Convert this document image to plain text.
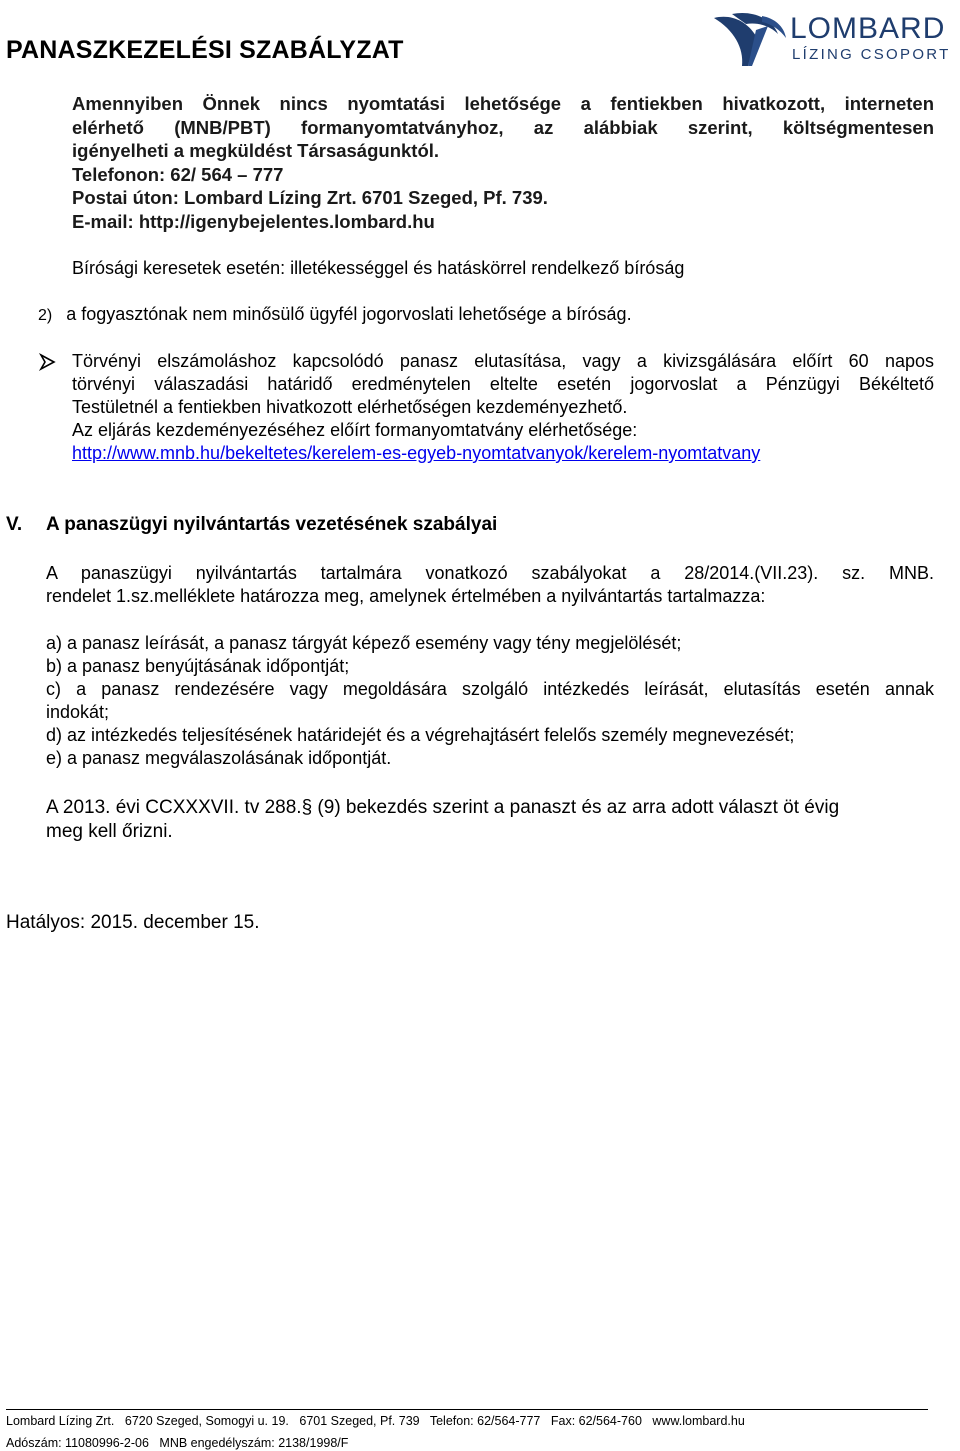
PANASZKEZELÉSI SZABÁLYZAT
LOMBARD
LÍZING CSOPORT
Amennyiben Önnek nincs nyomtatási lehetősége a fentiekben hivatkozott, interneten
elérhető (MNB/PBT) formanyomtatványhoz, az alábbiak szerint, költségmentesen
igényelheti a megküldést Társaságunktól.
Telefonon: 62/ 564 – 777
Postai úton: Lombard Lízing Zrt. 6701 Szeged, Pf. 739.
E-mail: http://igenybejelentes.lombard.hu
Bírósági keresetek esetén: illetékességgel és hatáskörrel rendelkező bíróság
2) a fogyasztónak nem minősülő ügyfél jogorvoslati lehetősége a bíróság.
Törvényi elszámoláshoz kapcsolódó panasz elutasítása, vagy a kivizsgálására előírt 60 napos
törvényi válaszadási határidő eredménytelen eltelte esetén jogorvoslat a Pénzügyi Békéltető
Testületnél a fentiekben hivatkozott elérhetőségen kezdeményezhető.
Az eljárás kezdeményezéséhez előírt formanyomtatvány elérhetősége:
http://www.mnb.hu/bekeltetes/kerelem-es-egyeb-nyomtatvanyok/kerelem-nyomtatvany
V. A panaszügyi nyilvántartás vezetésének szabályai
A panaszügyi nyilvántartás tartalmára vonatkozó szabályokat a 28/2014.(VII.23). sz. MNB.
rendelet 1.sz.melléklete határozza meg, amelynek értelmében a nyilvántartás tartalmazza:
a) a panasz leírását, a panasz tárgyát képező esemény vagy tény megjelölését;
b) a panasz benyújtásának időpontját;
c) a panasz rendezésére vagy megoldására szolgáló intézkedés leírását, elutasítás esetén annak
indokát;
d) az intézkedés teljesítésének határidejét és a végrehajtásért felelős személy megnevezését;
e) a panasz megválaszolásának időpontját.
A 2013. évi CCXXXVII. tv 288.§ (9) bekezdés szerint a panaszt és az arra adott választ öt évig
meg kell őrizni.
Hatályos: 2015. december 15.
Lombard Lízing Zrt. 6720 Szeged, Somogyi u. 19. 6701 Szeged, Pf. 739 Telefon: 62/564-777 Fax: 62/564-760 www.lombard.hu
Adószám: 11080996-2-06 MNB engedélyszám: 2138/1998/F
